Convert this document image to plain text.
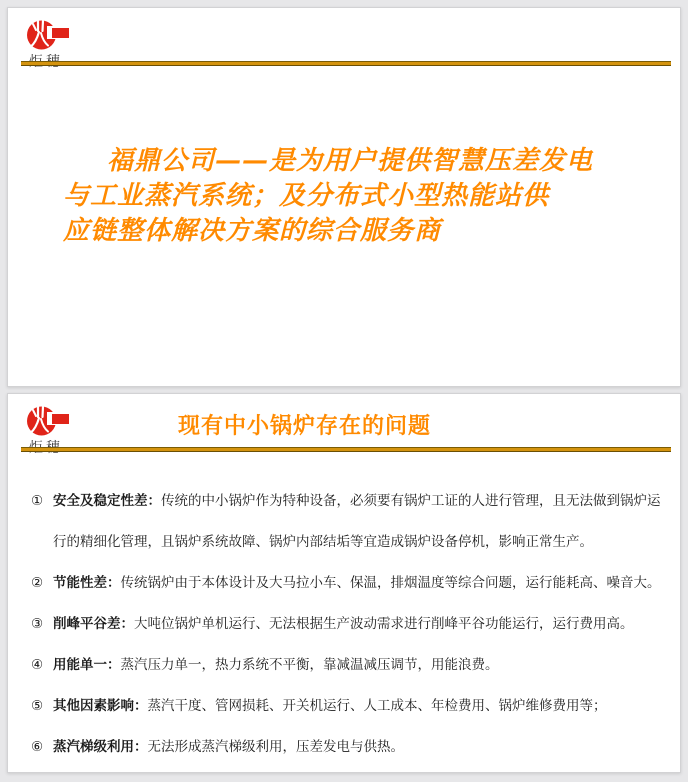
福鼎公司——是为用户提供智慧压差发电
与工业蒸汽系统；及分布式小型热能站供
应链整体解决方案的综合服务商
现有中小锅炉存在的问题
① 安全及稳定性差：传统的中小锅炉作为特种设备，必须要有锅炉工证的人进行管理，且无法做到锅炉运行的精细化管理，且锅炉系统故障、锅炉内部结垢等宜造成锅炉设备停机，影响正常生产。
② 节能性差：传统锅炉由于本体设计及大马拉小车、保温，排烟温度等综合问题，运行能耗高、噪音大。
③ 削峰平谷差：大吨位锅炉单机运行、无法根据生产波动需求进行削峰平谷功能运行，运行费用高。
④ 用能单一：蒸汽压力单一，热力系统不平衡，靠减温减压调节，用能浪费。
⑤ 其他因素影响：蒸汽干度、管网损耗、开关机运行、人工成本、年检费用、锅炉维修费用等；
⑥ 蒸汽梯级利用：无法形成蒸汽梯级利用，压差发电与供热。
